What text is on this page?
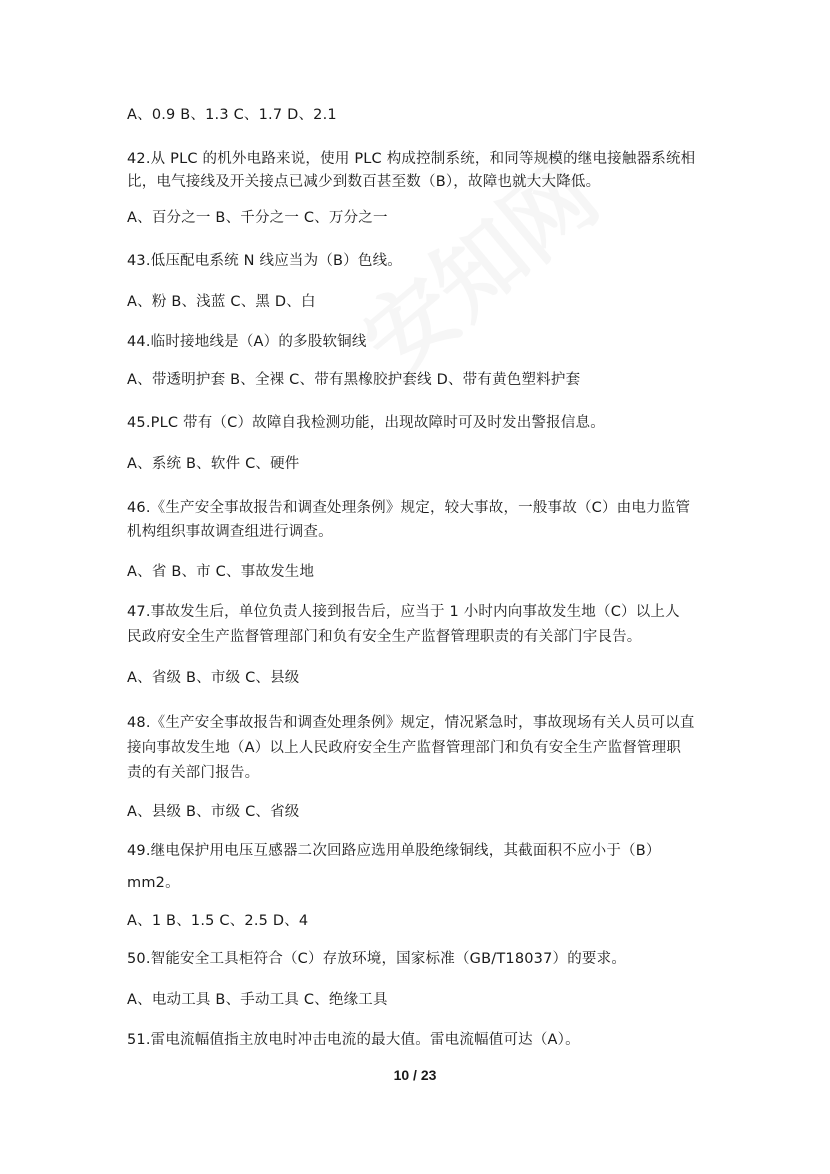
A、0.9 B、1.3 C、1.7 D、2.1
42.从 PLC 的机外电路来说，使用 PLC 构成控制系统，和同等规模的继电接触器系统相
比，电气接线及开关接点已减少到数百甚至数（B），故障也就大大降低。
A、百分之一 B、千分之一 C、万分之一
43.低压配电系统 N 线应当为（B）色线。
A、粉 B、浅蓝 C、黑 D、白
44.临时接地线是（A）的多股软铜线
A、带透明护套 B、全裸 C、带有黑橡胶护套线 D、带有黄色塑料护套
45.PLC 带有（C）故障自我检测功能，出现故障时可及时发出警报信息。
A、系统 B、软件 C、硬件
46.《生产安全事故报告和调查处理条例》规定，较大事故，一般事故（C）由电力监管
机构组织事故调查组进行调查。
A、省 B、市 C、事故发生地
47.事故发生后，单位负责人接到报告后，应当于 1 小时内向事故发生地（C）以上人
民政府安全生产监督管理部门和负有安全生产监督管理职责的有关部门宇艮告。
A、省级 B、市级 C、县级
48.《生产安全事故报告和调查处理条例》规定，情况紧急时，事故现场有关人员可以直
接向事故发生地（A）以上人民政府安全生产监督管理部门和负有安全生产监督管理职
责的有关部门报告。
A、县级 B、市级 C、省级
49.继电保护用电压互感器二次回路应选用单股绝缘铜线，其截面积不应小于（B）
mm2。
A、1 B、1.5 C、2.5 D、4
50.智能安全工具柜符合（C）存放环境，国家标准（GB/T18037）的要求。
A、电动工具 B、手动工具 C、绝缘工具
51.雷电流幅值指主放电时冲击电流的最大值。雷电流幅值可达（A）。
10 / 23
